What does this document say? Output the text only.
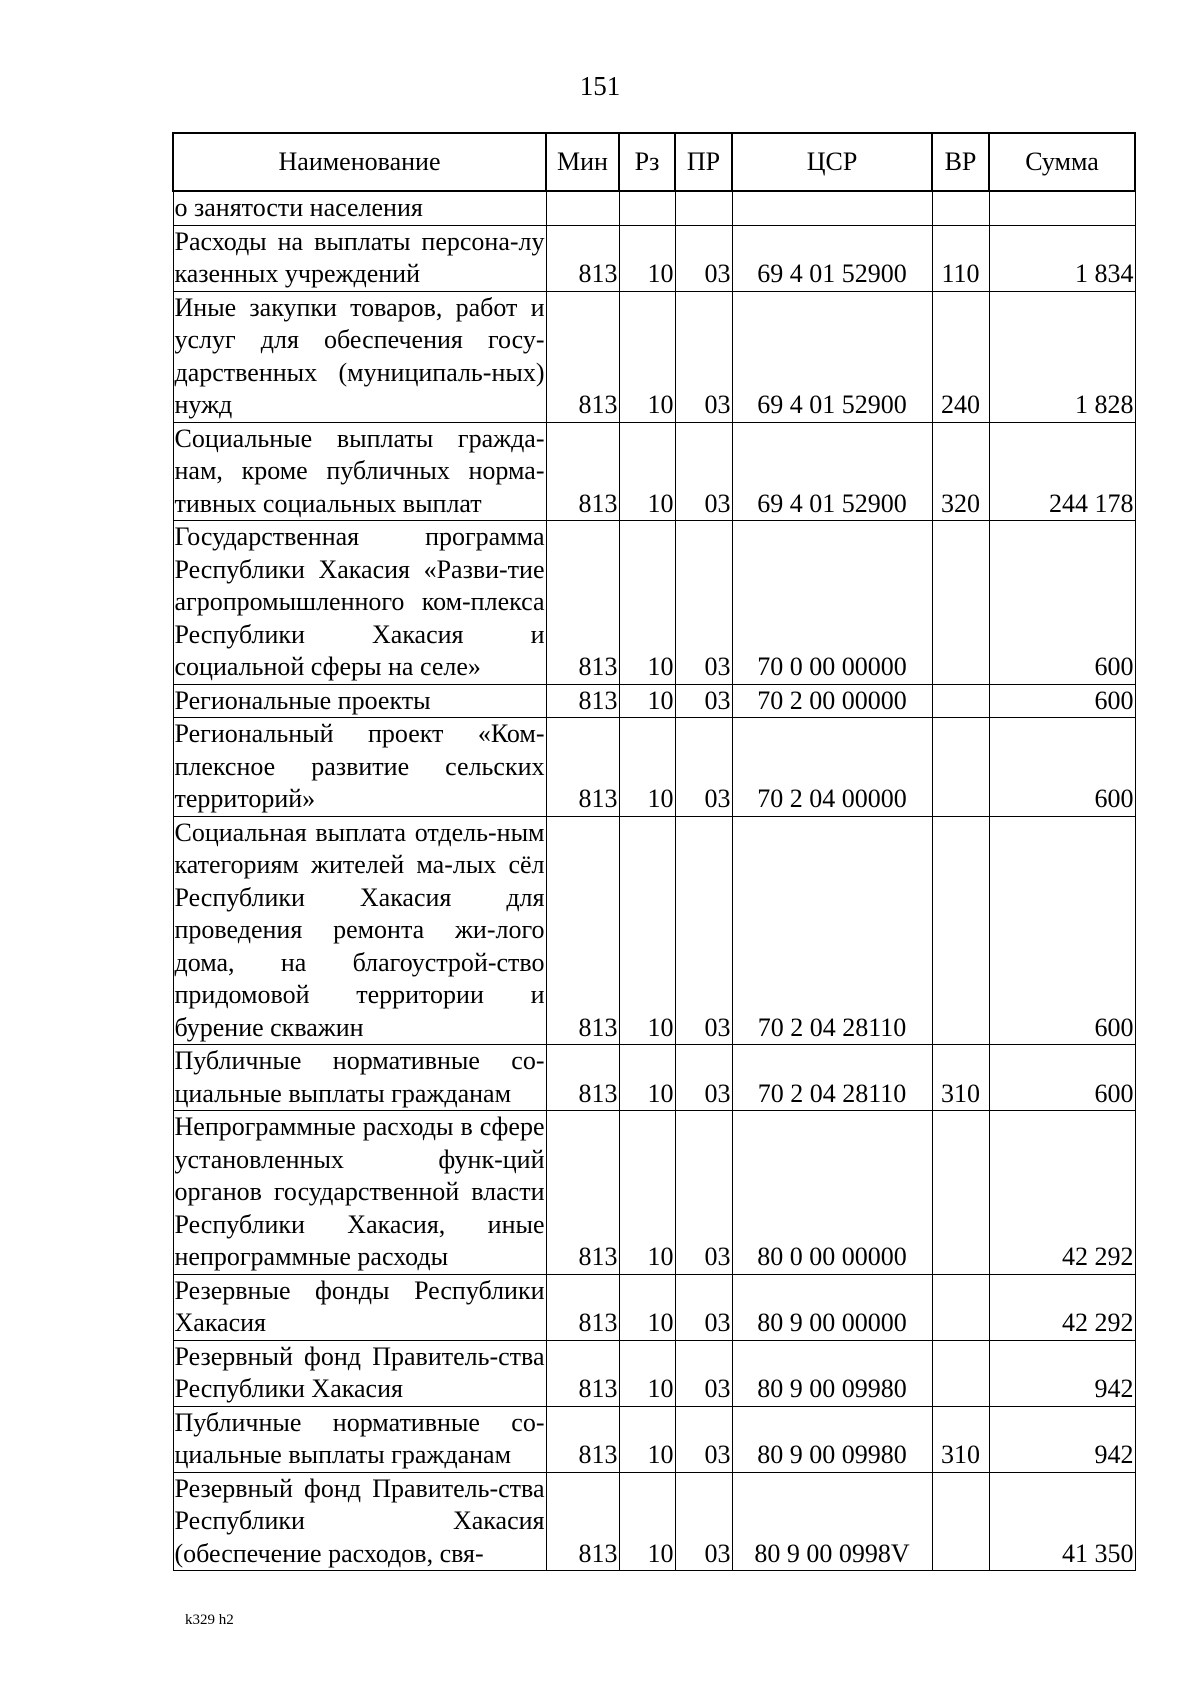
151
Наименование	Мин	Рз	ПР	ЦСР	ВР	Сумма
о занятости населения						
Расходы на выплаты персона-лу казенных учреждений	813	10	03	69 4 01 52900	110	1 834
Иные закупки товаров, работ и услуг для обеспечения госу-дарственных (муниципаль-ных) нужд	813	10	03	69 4 01 52900	240	1 828
Социальные выплаты гражда-нам, кроме публичных норма-тивных социальных выплат	813	10	03	69 4 01 52900	320	244 178
Государственная программа Республики Хакасия «Разви-тие агропромышленного ком-плекса Республики Хакасия и социальной сферы на селе»	813	10	03	70 0 00 00000		600
Региональные проекты	813	10	03	70 2 00 00000		600
Региональный проект «Ком-плексное развитие сельских территорий»	813	10	03	70 2 04 00000		600
Социальная выплата отдель-ным категориям жителей ма-лых сёл Республики Хакасия для проведения ремонта жи-лого дома, на благоустрой-ство придомовой территории и бурение скважин	813	10	03	70 2 04 28110		600
Публичные нормативные со-циальные выплаты гражданам	813	10	03	70 2 04 28110	310	600
Непрограммные расходы в сфере установленных функ-ций органов государственной власти Республики Хакасия, иные непрограммные расходы	813	10	03	80 0 00 00000		42 292
Резервные фонды Республики Хакасия	813	10	03	80 9 00 00000		42 292
Резервный фонд Правитель-ства Республики Хакасия	813	10	03	80 9 00 09980		942
Публичные нормативные со-циальные выплаты гражданам	813	10	03	80 9 00 09980	310	942
Резервный фонд Правитель-ства Республики Хакасия (обеспечение расходов, свя-	813	10	03	80 9 00 0998V		41 350
k329 h2
